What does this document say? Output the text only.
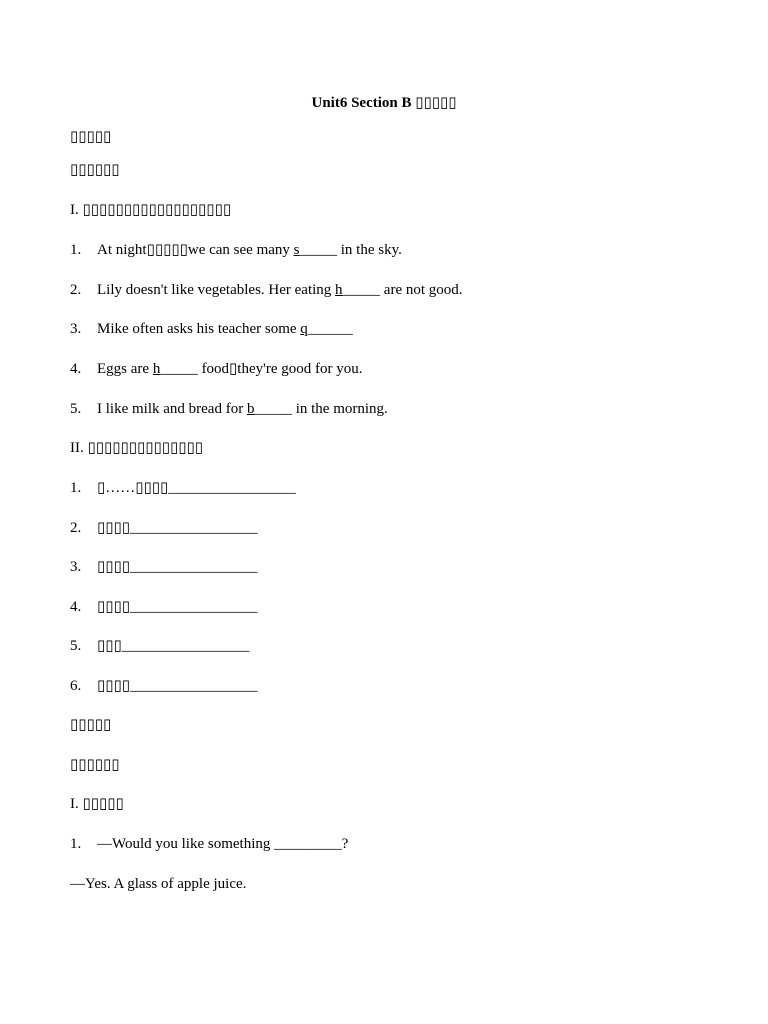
Unit6 Section B ▯▯▯▯▯
▯▯▯▯▯
▯▯▯▯▯▯
I. ▯▯▯▯▯▯▯▯▯▯▯▯▯▯▯▯▯▯
1. At night▯▯▯▯▯we can see many s_____ in the sky.
2. Lily doesn't like vegetables. Her eating h_____ are not good.
3. Mike often asks his teacher some q______
4. Eggs are h_____ food▯they're good for you.
5. I like milk and bread for b_____ in the morning.
II. ▯▯▯▯▯▯▯▯▯▯▯▯▯▯
1. ▯……▯▯▯▯_________________
2. ▯▯▯▯_________________
3. ▯▯▯▯_________________
4. ▯▯▯▯_________________
5. ▯▯▯_________________
6. ▯▯▯▯_________________
▯▯▯▯▯
▯▯▯▯▯▯
I. ▯▯▯▯▯
1. —Would you like something _________?
—Yes. A glass of apple juice.
